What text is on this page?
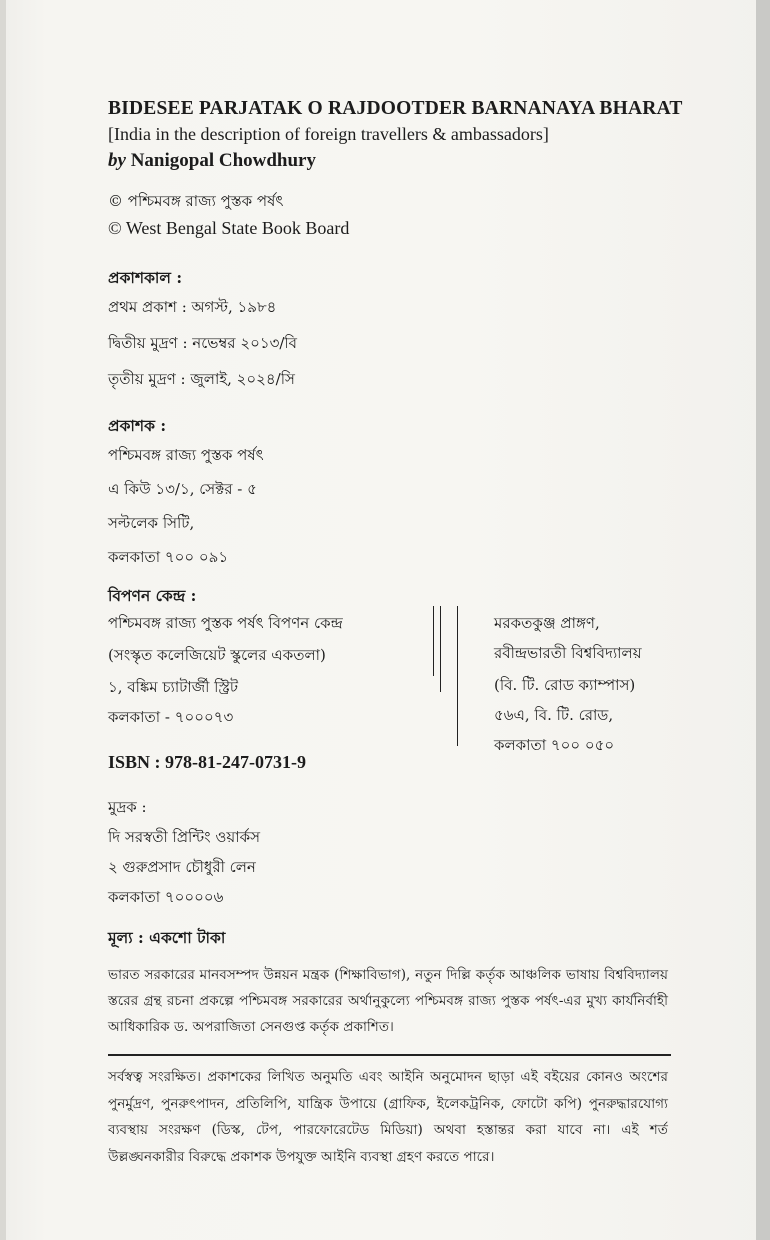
BIDESEE PARJATAK O RAJDOOTDER BARNANAYA BHARAT
[India in the description of foreign travellers & ambassadors]
by Nanigopal Chowdhury
© পশ্চিমবঙ্গ রাজ্য পুস্তক পর্ষৎ
© West Bengal State Book Board
প্রকাশকাল :
প্রথম প্রকাশ : অগস্ট, ১৯৮৪
দ্বিতীয় মুদ্রণ : নভেম্বর ২০১৩/বি
তৃতীয় মুদ্রণ : জুলাই, ২০২৪/সি
প্রকাশক :
পশ্চিমবঙ্গ রাজ্য পুস্তক পর্ষৎ
এ কিউ ১৩/১, সেক্টর - ৫
সল্টলেক সিটি,
কলকাতা ৭০০ ০৯১
বিপণন কেন্দ্র :
পশ্চিমবঙ্গ রাজ্য পুস্তক পর্ষৎ বিপণন কেন্দ্র
(সংস্কৃত কলেজিয়েট স্কুলের একতলা)
১, বঙ্কিম চ্যাটার্জী স্ট্রিট
কলকাতা - ৭০০০৭৩
মরকতকুঞ্জ প্রাঙ্গণ,
রবীন্দ্রভারতী বিশ্ববিদ্যালয়
(বি. টি. রোড ক্যাম্পাস)
৫৬এ, বি. টি. রোড,
কলকাতা ৭০০ ০৫০
ISBN : 978-81-247-0731-9
মুদ্রক :
দি সরস্বতী প্রিন্টিং ওয়ার্কস
২ গুরুপ্রসাদ চৌধুরী লেন
কলকাতা ৭০০০০৬
মূল্য : একশো টাকা
ভারত সরকারের মানবসম্পদ উন্নয়ন মন্ত্রক (শিক্ষাবিভাগ), নতুন দিল্লি কর্তৃক আঞ্চলিক ভাষায় বিশ্ববিদ্যালয় স্তরের গ্রন্থ রচনা প্রকল্পে পশ্চিমবঙ্গ সরকারের অর্থানুকুল্যে পশ্চিমবঙ্গ রাজ্য পুস্তক পর্ষৎ-এর মুখ্য কার্যনির্বাহী আধিকারিক ড. অপরাজিতা সেনগুপ্ত কর্তৃক প্রকাশিত।
সর্বস্বত্ব সংরক্ষিত। প্রকাশকের লিখিত অনুমতি এবং আইনি অনুমোদন ছাড়া এই বইয়ের কোনও অংশের পুনর্মুদ্রণ, পুনরুৎপাদন, প্রতিলিপি, যান্ত্রিক উপায়ে (গ্রাফিক, ইলেকট্রনিক, ফোটো কপি) পুনরুদ্ধারযোগ্য ব্যবস্থায় সংরক্ষণ (ডিস্ক, টেপ, পারফোরেটেড মিডিয়া) অথবা হস্তান্তর করা যাবে না। এই শর্ত উল্লঙ্ঘনকারীর বিরুদ্ধে প্রকাশক উপযুক্ত আইনি ব্যবস্থা গ্রহণ করতে পারে।
